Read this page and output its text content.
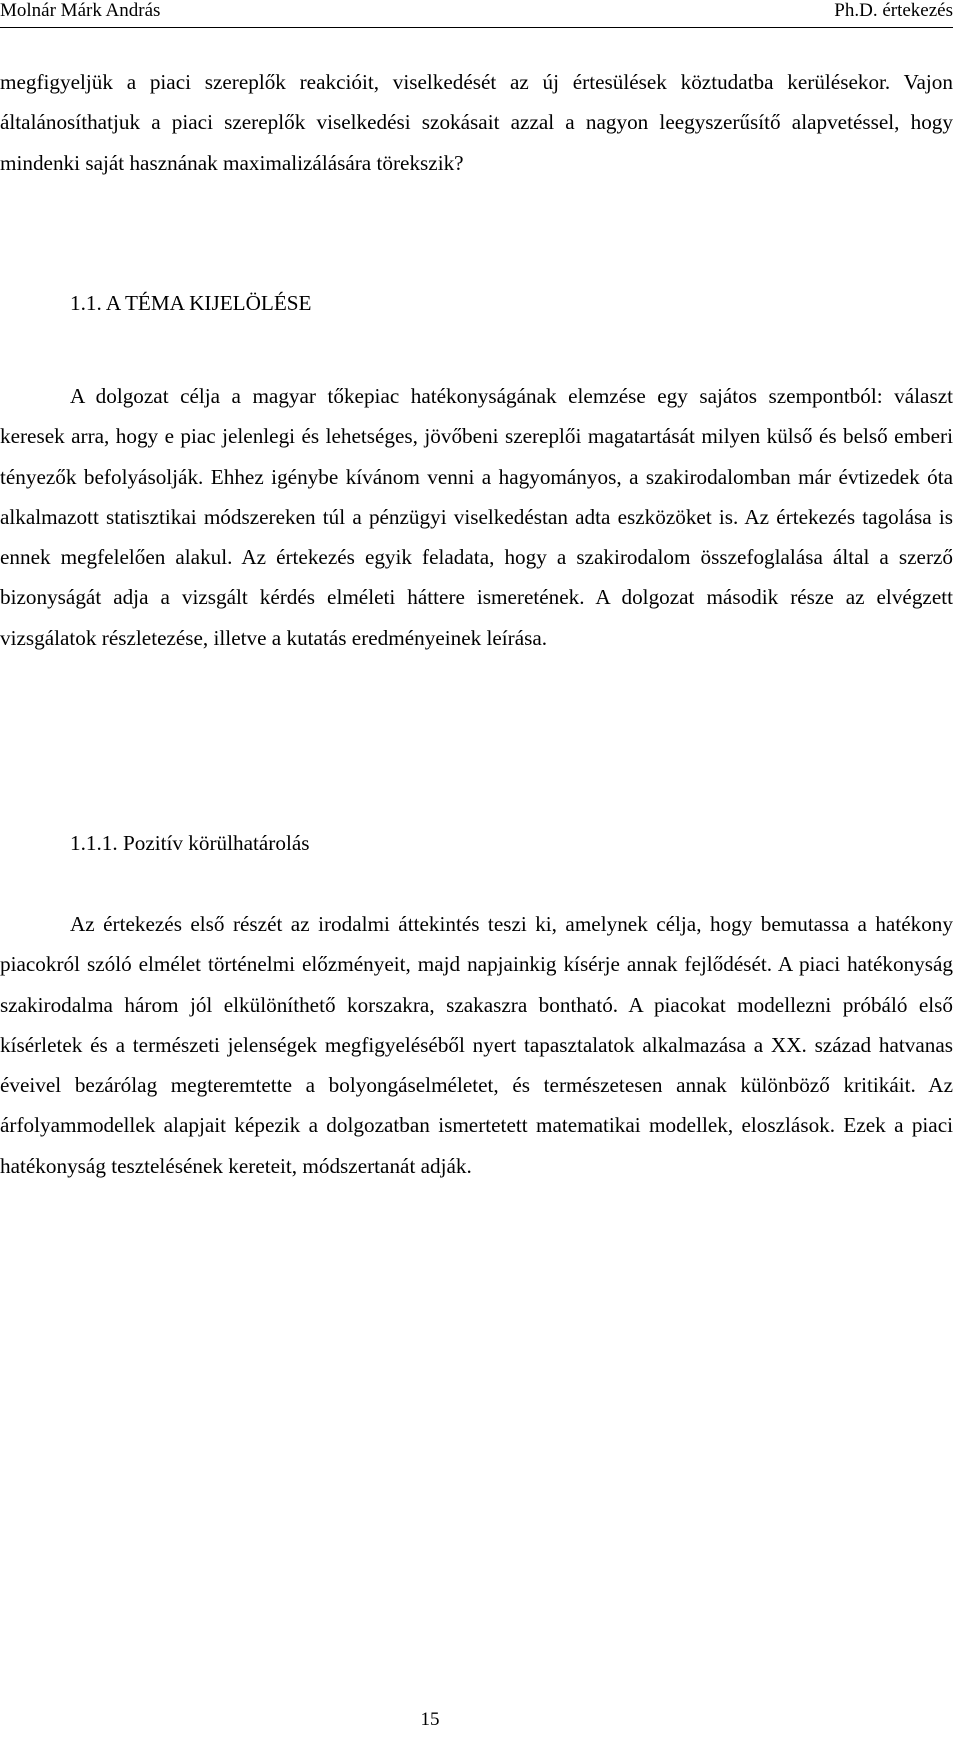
Molnár Márk András	Ph.D. értekezés

megfigyeljük a piaci szereplők reakcióit, viselkedését az új értesülések köztudatba kerülésekor. Vajon általánosíthatjuk a piaci szereplők viselkedési szokásait azzal a nagyon leegyszerűsítő alapvetéssel, hogy mindenki saját hasznának maximalizálására törekszik?

1.1. A TÉMA KIJELÖLÉSE

A dolgozat célja a magyar tőkepiac hatékonyságának elemzése egy sajátos szempontból: választ keresek arra, hogy e piac jelenlegi és lehetséges, jövőbeni szereplői magatartását milyen külső és belső emberi tényezők befolyásolják. Ehhez igénybe kívánom venni a hagyományos, a szakirodalomban már évtizedek óta alkalmazott statisztikai módszereken túl a pénzügyi viselkedéstan adta eszközöket is. Az értekezés tagolása is ennek megfelelően alakul. Az értekezés egyik feladata, hogy a szakirodalom összefoglalása által a szerző bizonyságát adja a vizsgált kérdés elméleti háttere ismeretének. A dolgozat második része az elvégzett vizsgálatok részletezése, illetve a kutatás eredményeinek leírása.

1.1.1. Pozitív körülhatárolás

Az értekezés első részét az irodalmi áttekintés teszi ki, amelynek célja, hogy bemutassa a hatékony piacokról szóló elmélet történelmi előzményeit, majd napjainkig kísérje annak fejlődését. A piaci hatékonyság szakirodalma három jól elkülöníthető korszakra, szakaszra bontható. A piacokat modellezni próbáló első kísérletek és a természeti jelenségek megfigyeléséből nyert tapasztalatok alkalmazása a XX. század hatvanas éveivel bezárólag megteremtette a bolyongáselméletet, és természetesen annak különböző kritikáit. Az árfolyammodellek alapjait képezik a dolgozatban ismertetett matematikai modellek, eloszlások. Ezek a piaci hatékonyság tesztelésének kereteit, módszertanát adják.

15
